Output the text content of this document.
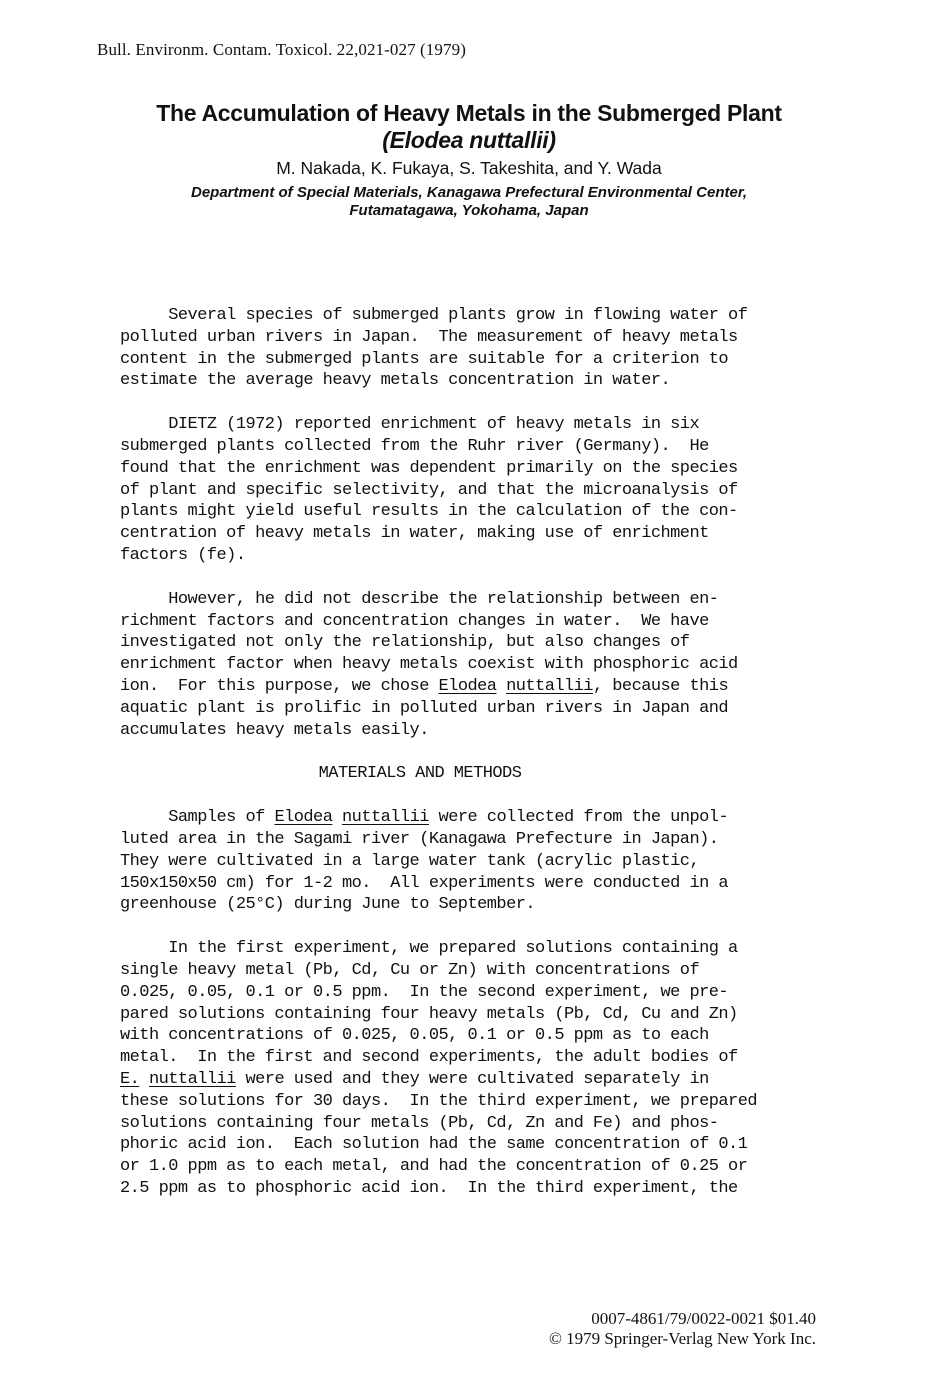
Bull. Environm. Contam. Toxicol. 22,021-027 (1979)
The Accumulation of Heavy Metals in the Submerged Plant
(Elodea nuttallii)
M. Nakada, K. Fukaya, S. Takeshita, and Y. Wada
Department of Special Materials, Kanagawa Prefectural Environmental Center,
Futamatagawa, Yokohama, Japan
Several species of submerged plants grow in flowing water of
polluted urban rivers in Japan.  The measurement of heavy metals
content in the submerged plants are suitable for a criterion to
estimate the average heavy metals concentration in water.
DIETZ (1972) reported enrichment of heavy metals in six
submerged plants collected from the Ruhr river (Germany).  He
found that the enrichment was dependent primarily on the species
of plant and specific selectivity, and that the microanalysis of
plants might yield useful results in the calculation of the con-
centration of heavy metals in water, making use of enrichment
factors (fe).
However, he did not describe the relationship between en-
richment factors and concentration changes in water.  We have
investigated not only the relationship, but also changes of
enrichment factor when heavy metals coexist with phosphoric acid
ion.  For this purpose, we chose Elodea nuttallii, because this
aquatic plant is prolific in polluted urban rivers in Japan and
accumulates heavy metals easily.
MATERIALS AND METHODS
Samples of Elodea nuttallii were collected from the unpol-
luted area in the Sagami river (Kanagawa Prefecture in Japan).
They were cultivated in a large water tank (acrylic plastic,
150x150x50 cm) for 1-2 mo.  All experiments were conducted in a
greenhouse (25°C) during June to September.
In the first experiment, we prepared solutions containing a
single heavy metal (Pb, Cd, Cu or Zn) with concentrations of
0.025, 0.05, 0.1 or 0.5 ppm.  In the second experiment, we pre-
pared solutions containing four heavy metals (Pb, Cd, Cu and Zn)
with concentrations of 0.025, 0.05, 0.1 or 0.5 ppm as to each
metal.  In the first and second experiments, the adult bodies of
E. nuttallii were used and they were cultivated separately in
these solutions for 30 days.  In the third experiment, we prepared
solutions containing four metals (Pb, Cd, Zn and Fe) and phos-
phoric acid ion.  Each solution had the same concentration of 0.1
or 1.0 ppm as to each metal, and had the concentration of 0.25 or
2.5 ppm as to phosphoric acid ion.  In the third experiment, the
0007-4861/79/0022-0021 $01.40
© 1979 Springer-Verlag New York Inc.
